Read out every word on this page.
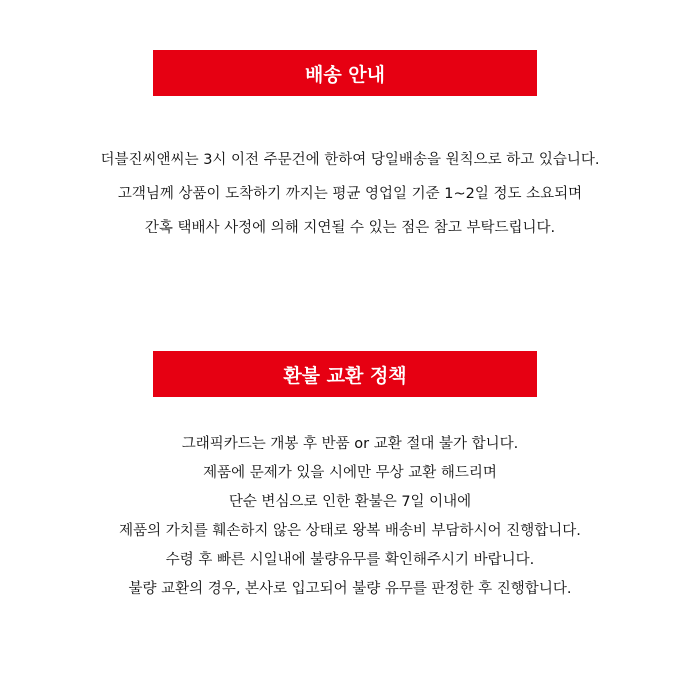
배송 안내
더블진씨앤씨는 3시 이전 주문건에 한하여 당일배송을 원칙으로 하고 있습니다.
고객님께 상품이 도착하기 까지는 평균 영업일 기준 1~2일 정도 소요되며
간혹 택배사 사정에 의해 지연될 수 있는 점은 참고 부탁드립니다.
환불 교환 정책
그래픽카드는 개봉 후 반품 or 교환 절대 불가 합니다.
제품에 문제가 있을 시에만 무상 교환 해드리며
단순 변심으로 인한 환불은 7일 이내에
제품의 가치를 훼손하지 않은 상태로 왕복 배송비 부담하시어 진행합니다.
수령 후 빠른 시일내에 불량유무를 확인해주시기 바랍니다.
불량 교환의 경우, 본사로 입고되어 불량 유무를 판정한 후 진행합니다.
